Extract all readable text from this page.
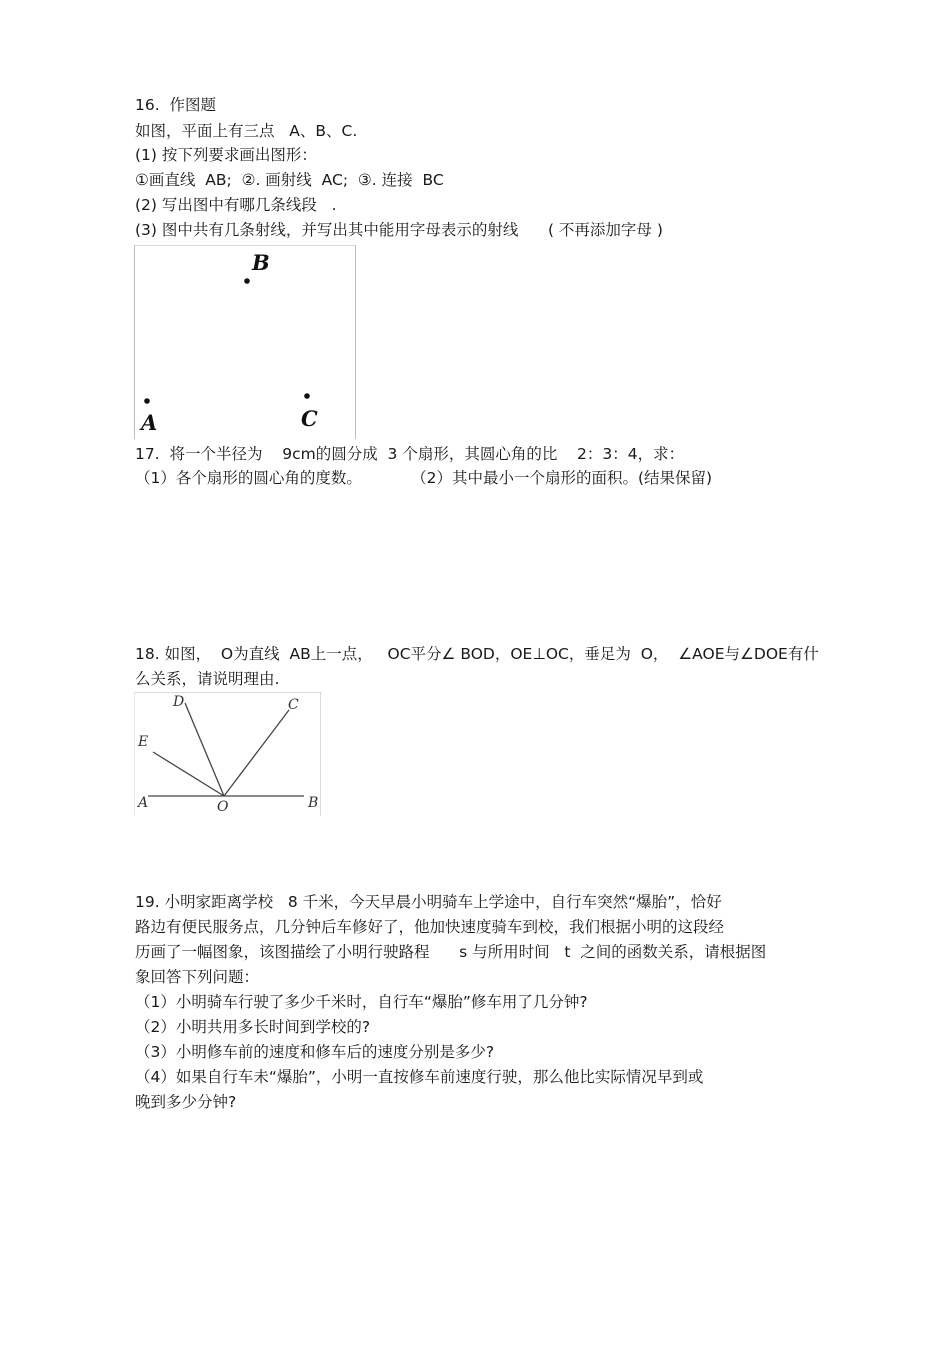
16.  作图题
如图，平面上有三点   A、B、C.
(1) 按下列要求画出图形：
①画直线  AB;  ②. 画射线  AC;  ③. 连接  BC
(2) 写出图中有哪几条线段   .
(3) 图中共有几条射线，并写出其中能用字母表示的射线      ( 不再添加字母 )
B
A	C
17.  将一个半径为    9cm的圆分成  3 个扇形，其圆心角的比    2：3：4，求：
（1）各个扇形的圆心角的度数。          （2）其中最小一个扇形的面积。(结果保留)
18. 如图，  O为直线  AB上一点，   OC平分∠ BOD，OE⊥OC，垂足为  O，  ∠AOE与∠DOE有什
么关系，请说明理由.
D	C
E
A	O	B
19. 小明家距离学校   8 千米，今天早晨小明骑车上学途中，自行车突然“爆胎”，恰好
路边有便民服务点，几分钟后车修好了，他加快速度骑车到校，我们根据小明的这段经
历画了一幅图象，该图描绘了小明行驶路程      s 与所用时间   t  之间的函数关系，请根据图
象回答下列问题：
（1）小明骑车行驶了多少千米时，自行车“爆胎”修车用了几分钟?
（2）小明共用多长时间到学校的?
（3）小明修车前的速度和修车后的速度分别是多少?
（4）如果自行车未“爆胎”，小明一直按修车前速度行驶，那么他比实际情况早到或
晚到多少分钟?
